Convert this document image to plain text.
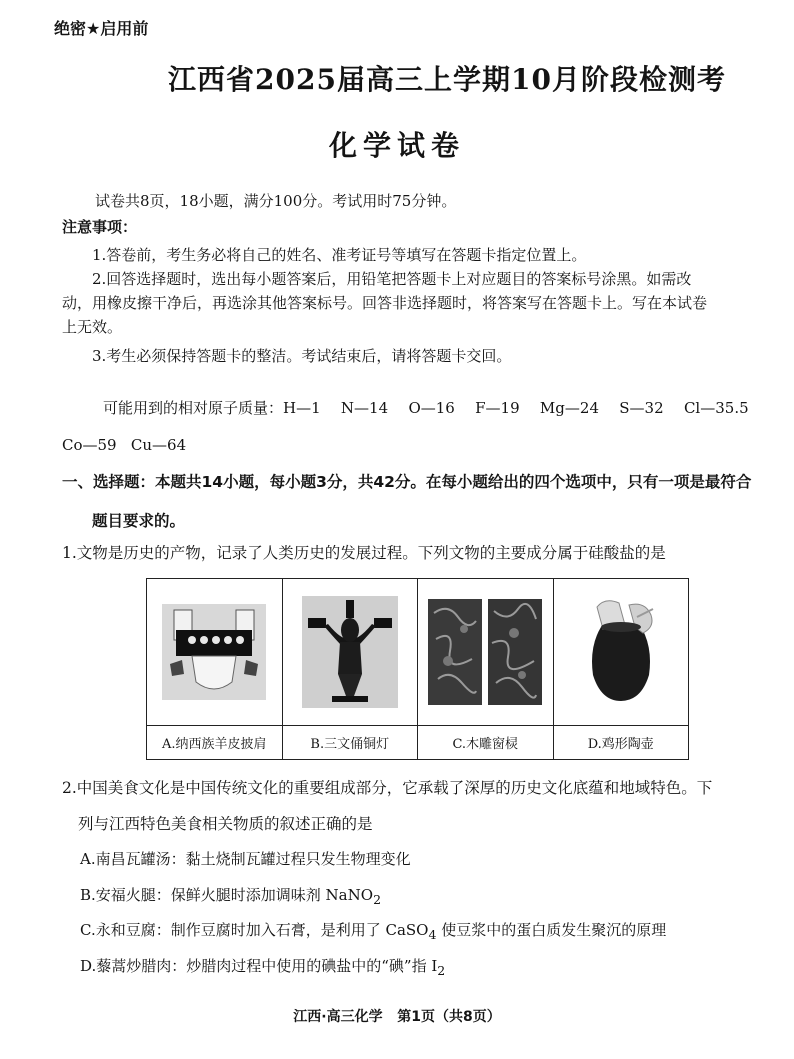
绝密★启用前
江西省2025届高三上学期10月阶段检测考
化学试卷
试卷共8页，18小题，满分100分。考试用时75分钟。
注意事项：
1.答卷前，考生务必将自己的姓名、准考证号等填写在答题卡指定位置上。
2.回答选择题时，选出每小题答案后，用铅笔把答题卡上对应题目的答案标号涂黑。如需改
动，用橡皮擦干净后，再选涂其他答案标号。回答非选择题时，将答案写在答题卡上。写在本试卷
上无效。
3.考生必须保持答题卡的整洁。考试结束后，请将答题卡交回。
可能用到的相对原子质量：H—1   N—14   O—16   F—19   Mg—24   S—32   Cl—35.5
Co—59   Cu—64
一、选择题：本题共14小题，每小题3分，共42分。在每小题给出的四个选项中，只有一项是最符合
题目要求的。
1.文物是历史的产物，记录了人类历史的发展过程。下列文物的主要成分属于硅酸盐的是
A.纳西族羊皮披肩	B.三文俑铜灯	C.木雕窗棂	D.鸡形陶壶
2.中国美食文化是中国传统文化的重要组成部分，它承载了深厚的历史文化底蕴和地域特色。下
列与江西特色美食相关物质的叙述正确的是
A.南昌瓦罐汤：黏土烧制瓦罐过程只发生物理变化
B.安福火腿：保鲜火腿时添加调味剂 NaNO$_2$
C.永和豆腐：制作豆腐时加入石膏，是利用了 CaSO$_4$ 使豆浆中的蛋白质发生聚沉的原理
D.藜蒿炒腊肉：炒腊肉过程中使用的碘盐中的“碘”指 $I_2$
江西·高三化学   第1页（共8页）
